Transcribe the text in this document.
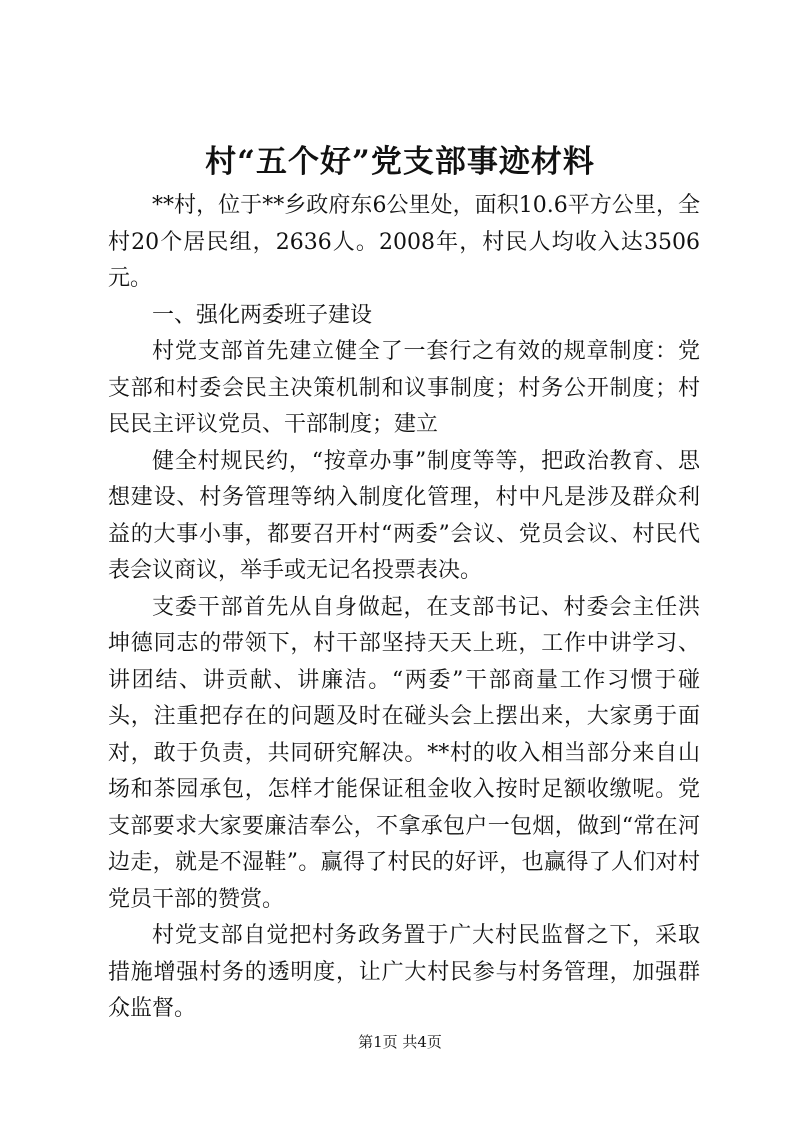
村“五个好”党支部事迹材料

**村，位于**乡政府东6公里处，面积10.6平方公里，全村20个居民组，2636人。2008年，村民人均收入达3506元。

一、强化两委班子建设

村党支部首先建立健全了一套行之有效的规章制度：党支部和村委会民主决策机制和议事制度；村务公开制度；村民民主评议党员、干部制度；建立

健全村规民约，“按章办事”制度等等，把政治教育、思想建设、村务管理等纳入制度化管理，村中凡是涉及群众利益的大事小事，都要召开村“两委”会议、党员会议、村民代表会议商议，举手或无记名投票表决。

支委干部首先从自身做起，在支部书记、村委会主任洪坤德同志的带领下，村干部坚持天天上班，工作中讲学习、讲团结、讲贡献、讲廉洁。“两委”干部商量工作习惯于碰头，注重把存在的问题及时在碰头会上摆出来，大家勇于面对，敢于负责，共同研究解决。**村的收入相当部分来自山场和茶园承包，怎样才能保证租金收入按时足额收缴呢。党支部要求大家要廉洁奉公，不拿承包户一包烟，做到“常在河边走，就是不湿鞋”。赢得了村民的好评，也赢得了人们对村党员干部的赞赏。

村党支部自觉把村务政务置于广大村民监督之下，采取措施增强村务的透明度，让广大村民参与村务管理，加强群众监督。

第1页 共4页
